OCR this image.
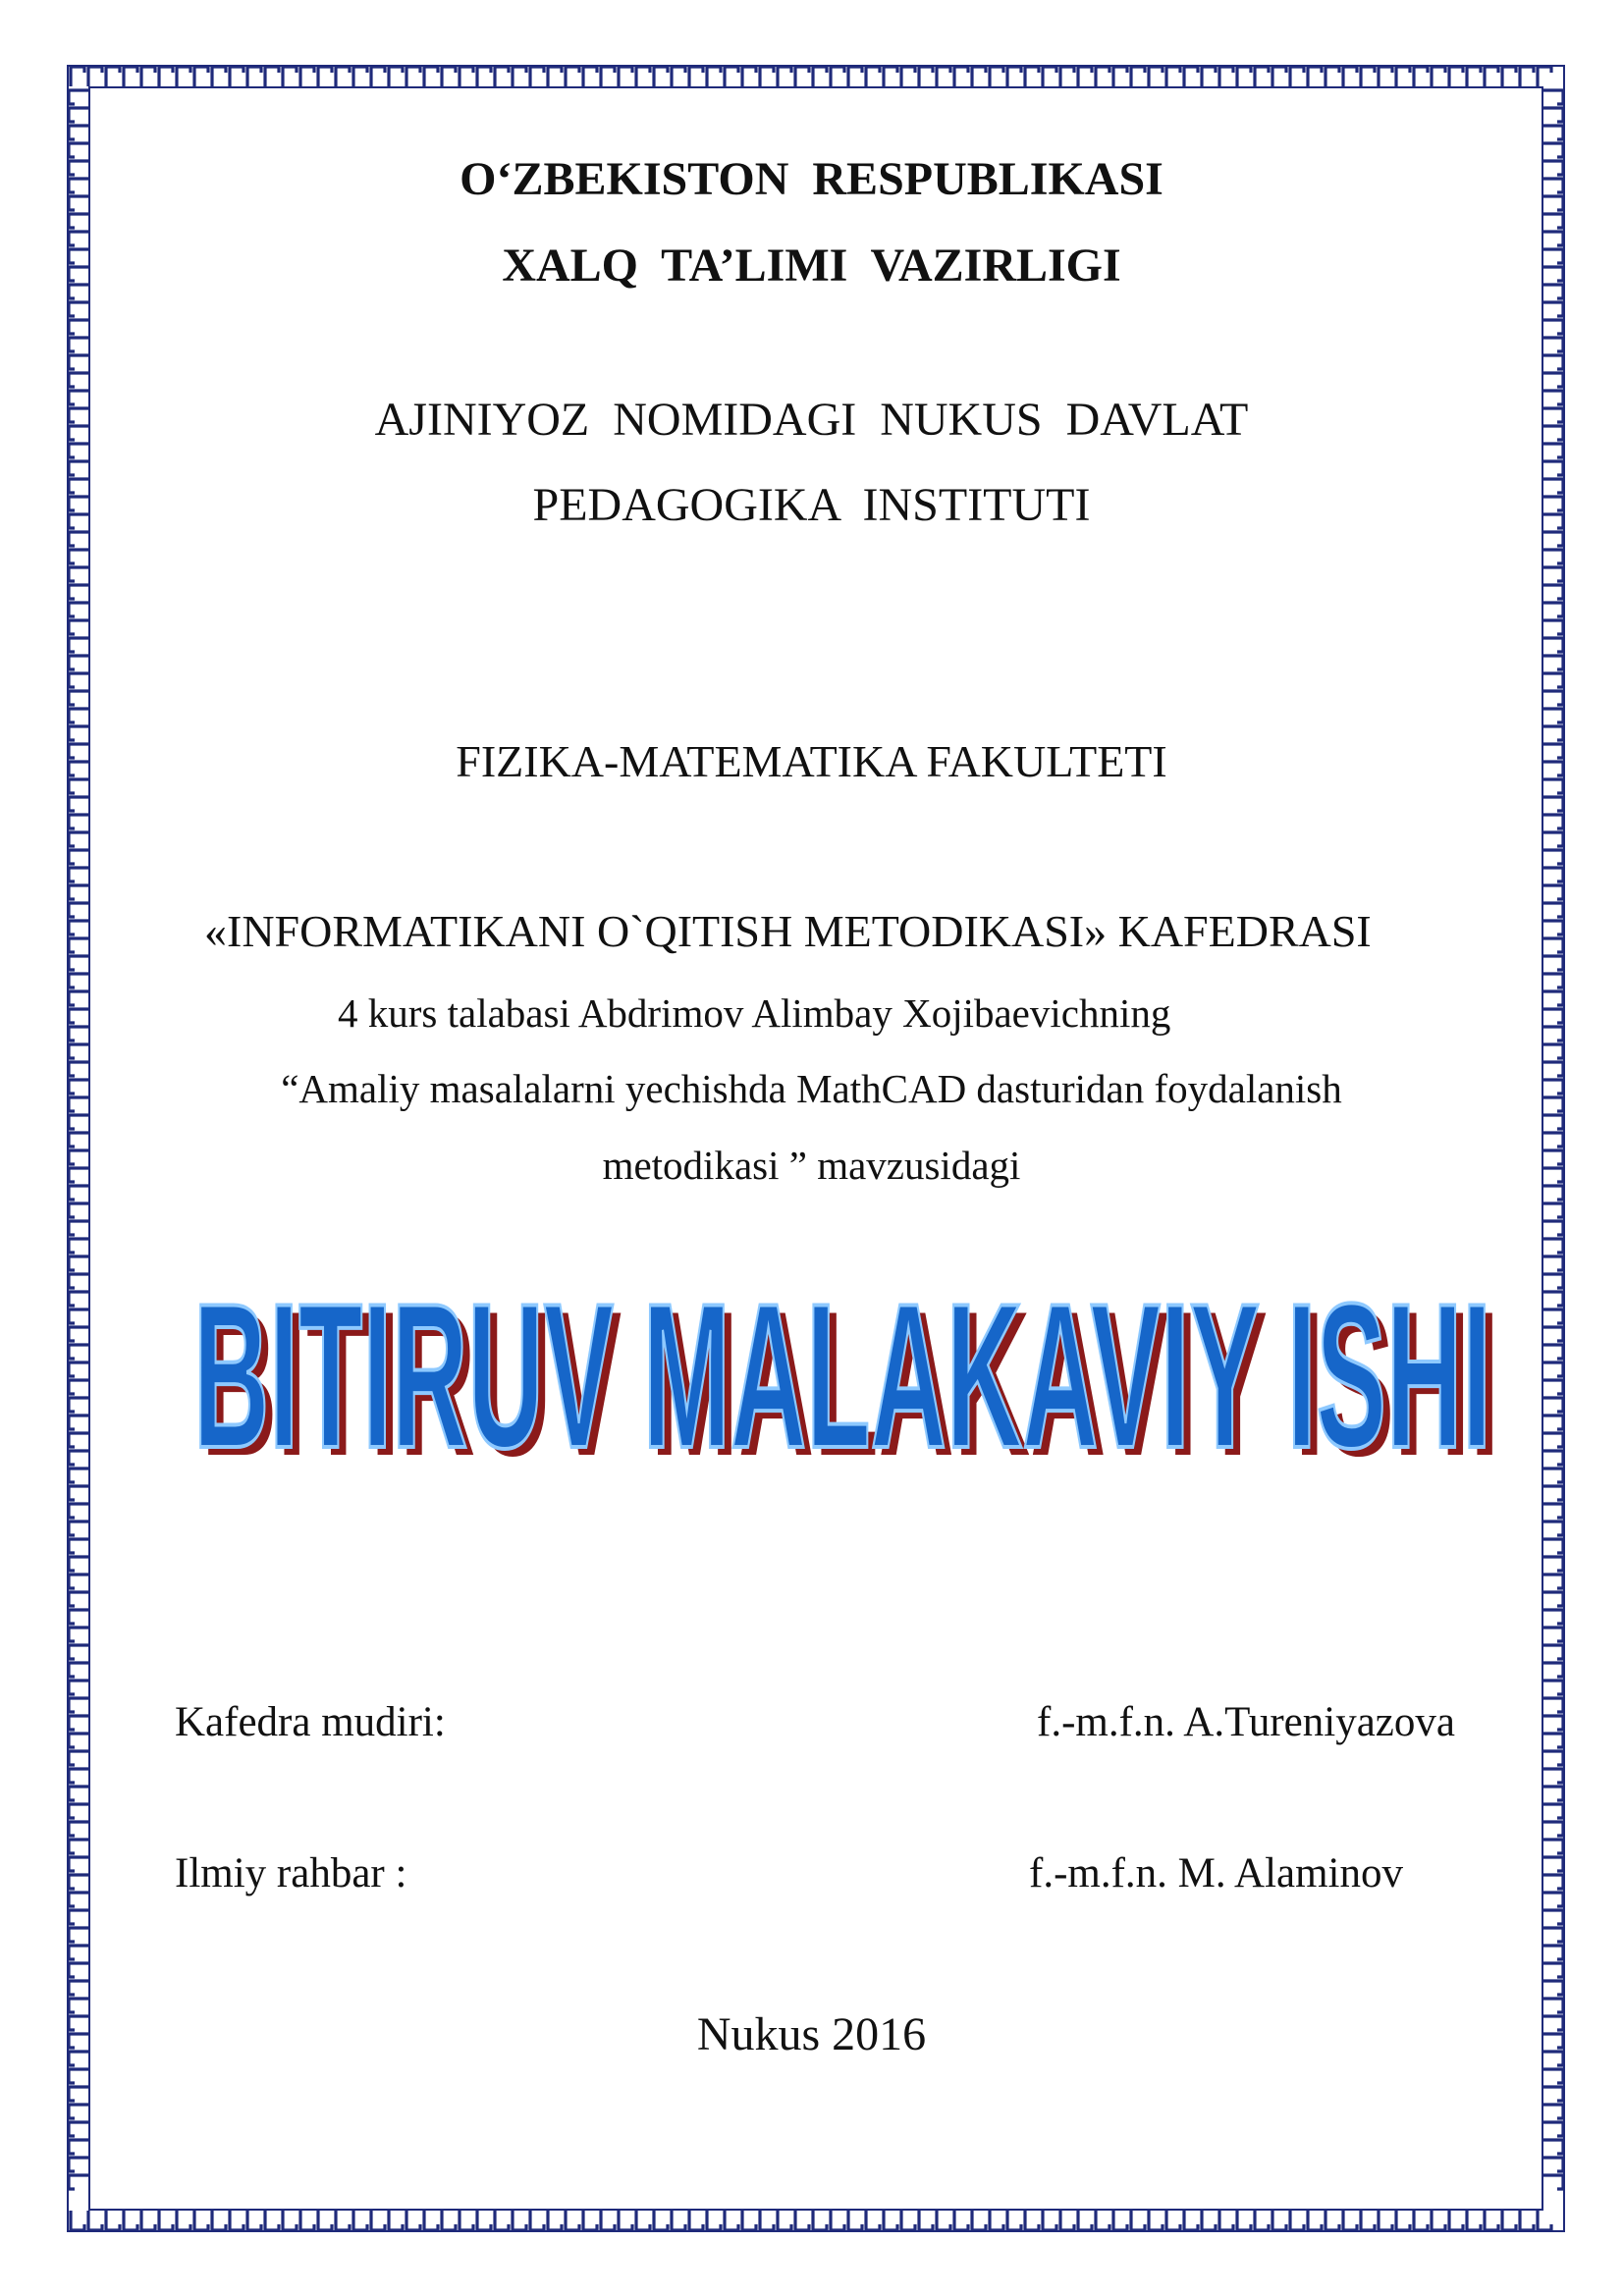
O‘ZBEKISTON RESPUBLIKASI
XALQ TA’LIMI VAZIRLIGI
AJINIYOZ NOMIDAGI NUKUS DAVLAT
PEDAGOGIKA INSTITUTI
FIZIKA-MATEMATIKA FAKULTETI
«INFORMATIKANI O`QITISH METODIKASI» KAFEDRASI
4 kurs talabasi Abdrimov Alimbay Xojibaevichning
“Amaliy masalalarni yechishda MathCAD dasturidan foydalanish
metodikasi ” mavzusidagi
BITIRUV MALAKAVIY ISHI
BITIRUV MALAKAVIY ISHI
Kafedra mudiri:	f.-m.f.n. A.Tureniyazova
Ilmiy rahbar :	f.-m.f.n. M. Alaminov
Nukus 2016
